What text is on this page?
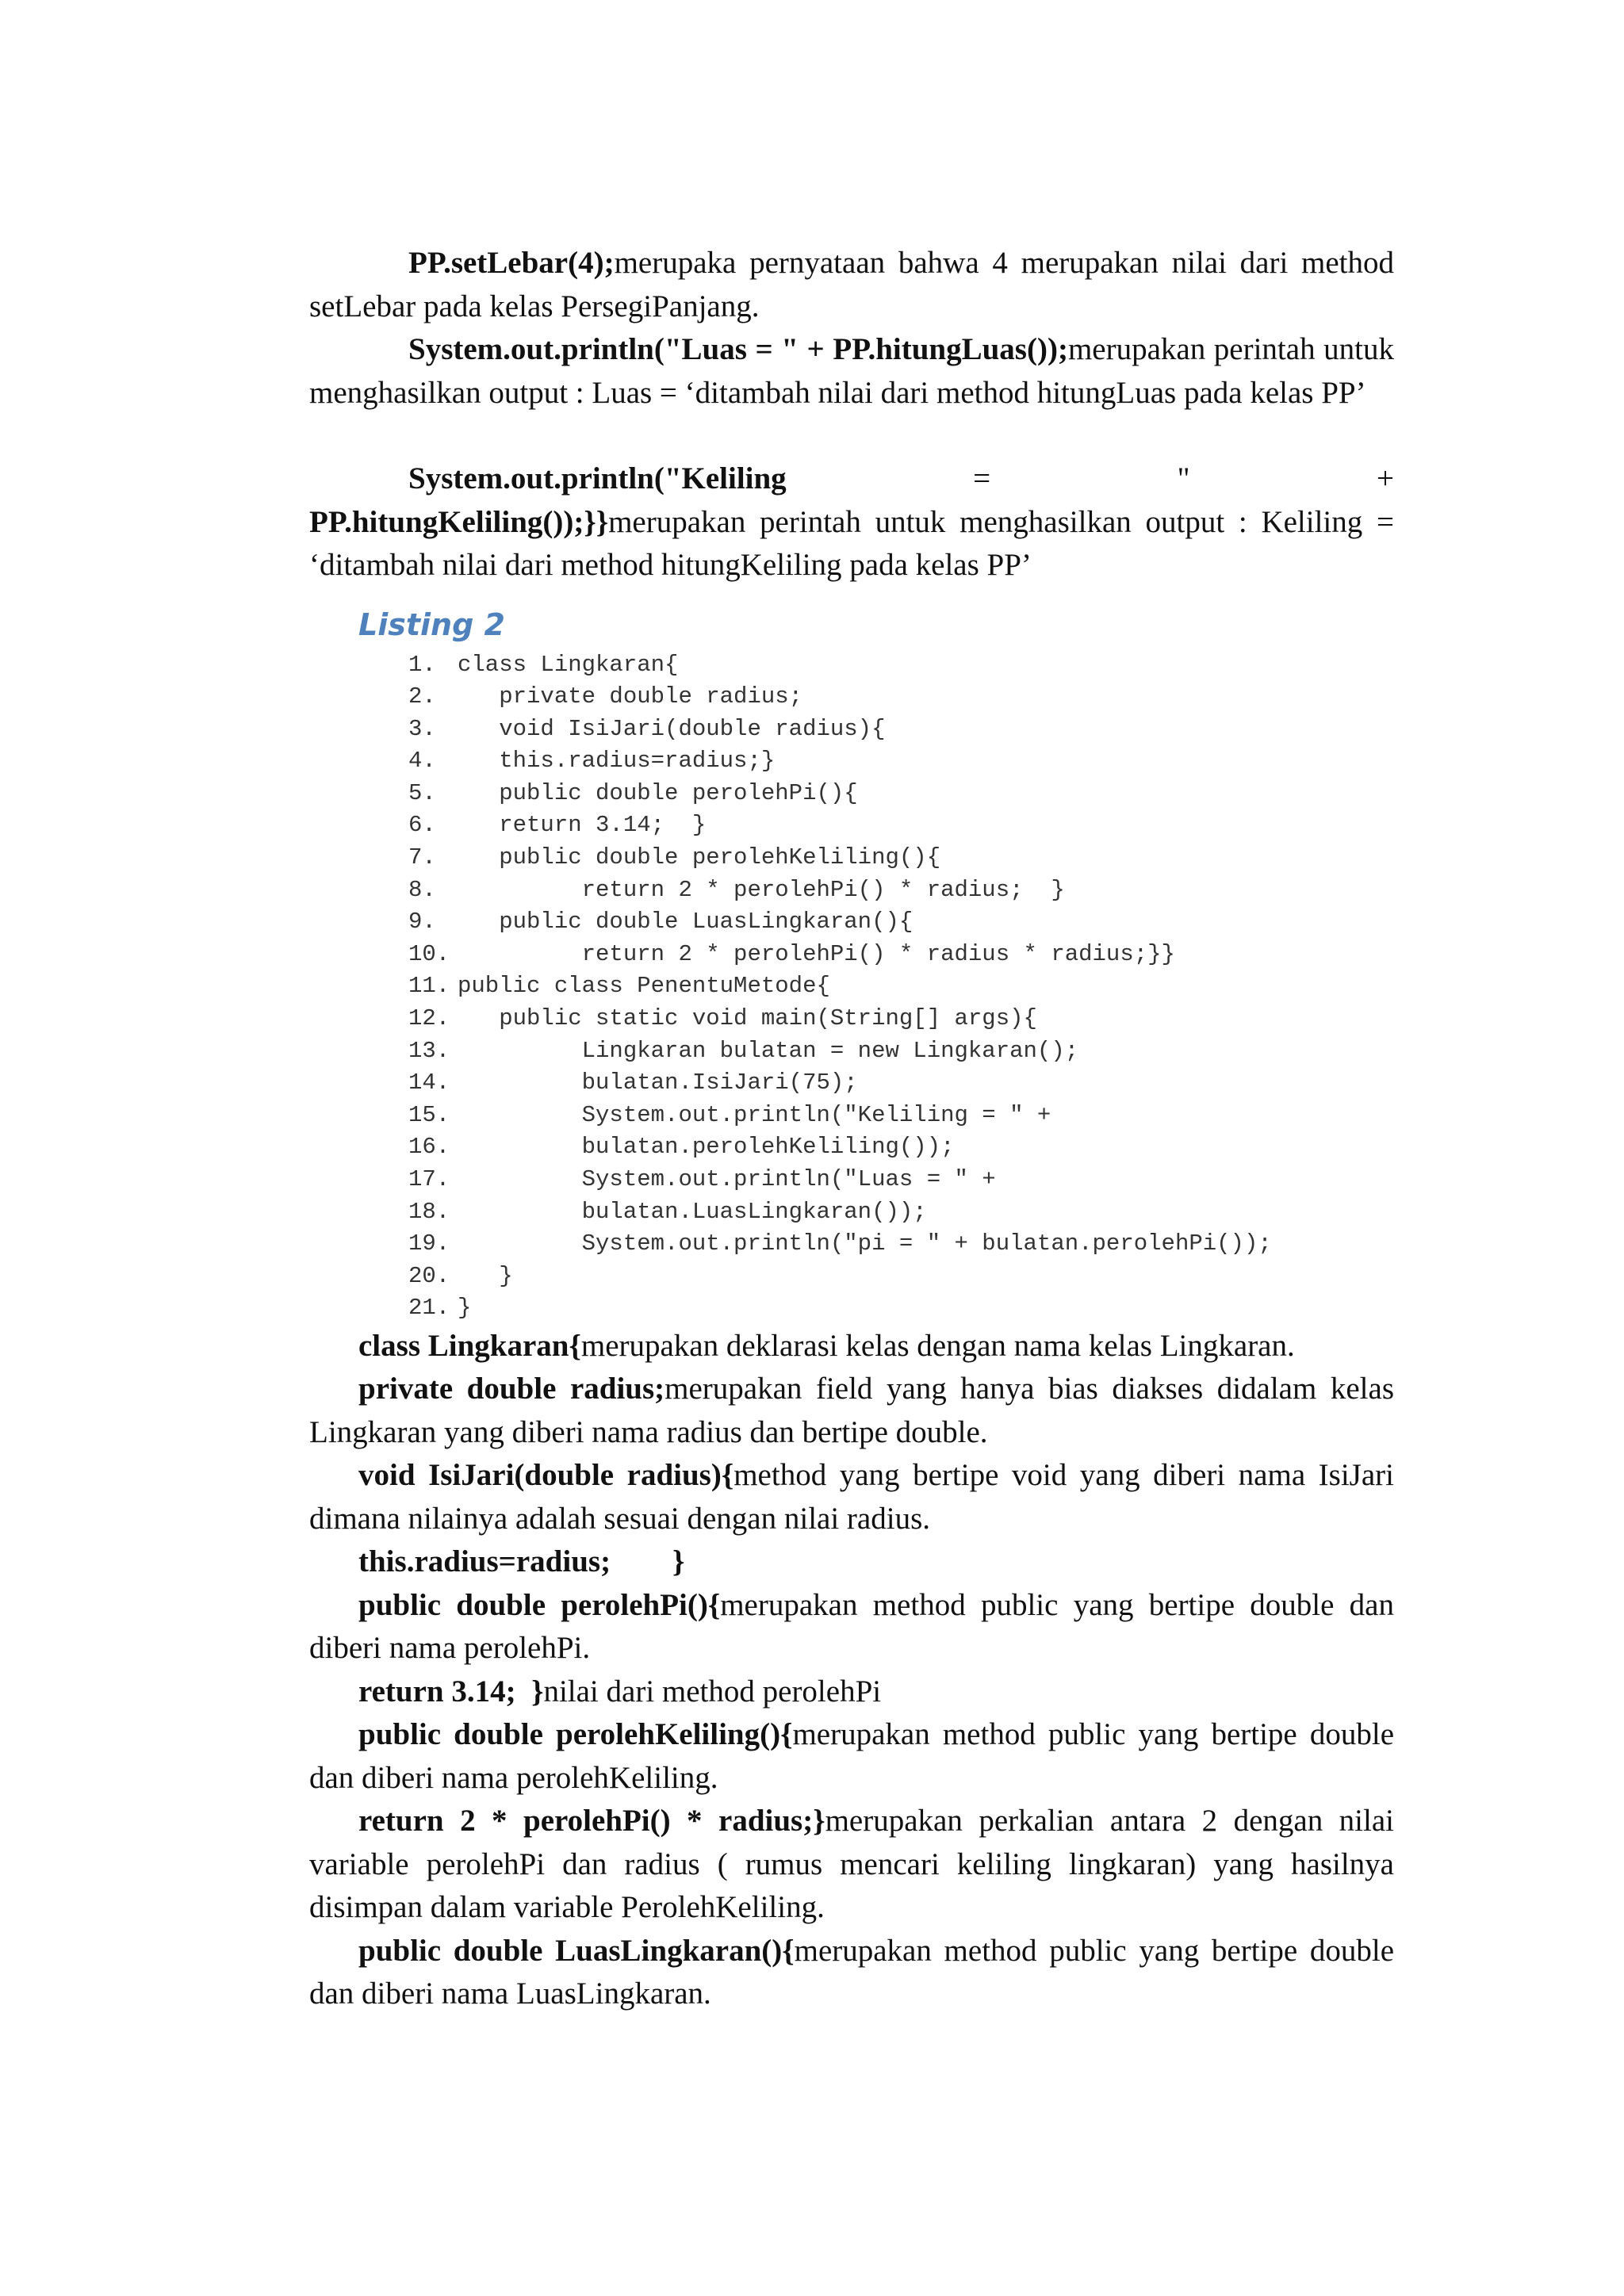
PP.setLebar(4);merupaka pernyataan bahwa 4 merupakan nilai dari method setLebar pada kelas PersegiPanjang.

System.out.println("Luas = " + PP.hitungLuas());merupakan perintah untuk menghasilkan output : Luas = ‘ditambah nilai dari method hitungLuas pada kelas PP’

System.out.println("Keliling	=	"	+

PP.hitungKeliling());}}merupakan perintah untuk menghasilkan output : Keliling = ‘ditambah nilai dari method hitungKeliling pada kelas PP’

Listing 2
1. class Lingkaran{
2. private double radius;
3. void IsiJari(double radius){
4. this.radius=radius;}
5. public double perolehPi(){
6. return 3.14;  }
7. public double perolehKeliling(){
8. return 2 * perolehPi() * radius;  }
9. public double LuasLingkaran(){
10. return 2 * perolehPi() * radius * radius;}}
11. public class PenentuMetode{
12. public static void main(String[] args){
13. Lingkaran bulatan = new Lingkaran();
14. bulatan.IsiJari(75);
15. System.out.println("Keliling = " +
16. bulatan.perolehKeliling());
17. System.out.println("Luas = " +
18. bulatan.LuasLingkaran());
19. System.out.println("pi = " + bulatan.perolehPi());
20. }
21. }

class Lingkaran{merupakan deklarasi kelas dengan nama kelas Lingkaran.

private double radius;merupakan field yang hanya bias diakses didalam kelas Lingkaran yang diberi nama radius dan bertipe double.

void IsiJari(double radius){method yang bertipe void yang diberi nama IsiJari dimana nilainya adalah sesuai dengan nilai radius.

this.radius=radius;        }

public double perolehPi(){merupakan method public yang bertipe double dan diberi nama perolehPi.

return 3.14;  }nilai dari method perolehPi

public double perolehKeliling(){merupakan method public yang bertipe double dan diberi nama perolehKeliling.

return 2 * perolehPi() * radius;}merupakan perkalian antara 2 dengan nilai variable perolehPi dan radius ( rumus mencari keliling lingkaran) yang hasilnya disimpan dalam variable PerolehKeliling.

public double LuasLingkaran(){merupakan method public yang bertipe double dan diberi nama LuasLingkaran.
